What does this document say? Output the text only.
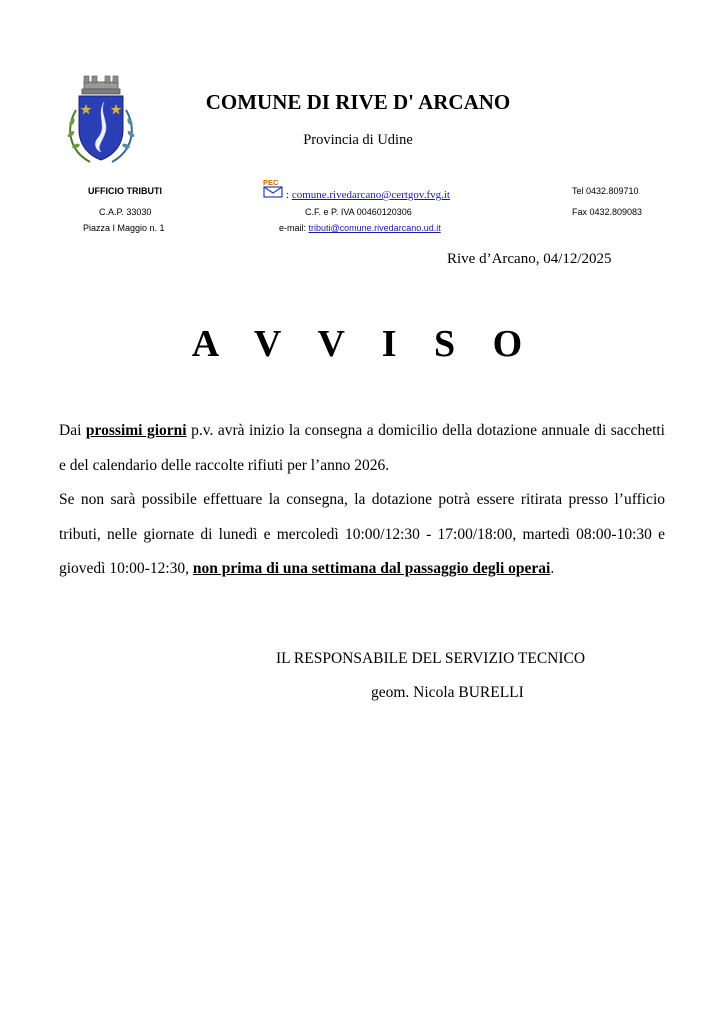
COMUNE DI RIVE D' ARCANO
Provincia di Udine
UFFICIO TRIBUTI
C.A.P. 33030
Piazza I Maggio n. 1
PEC
: comune.rivedarcano@certgov.fvg.it
C.F. e P. IVA 00460120306
e-mail: tributi@comune.rivedarcano.ud.it
Tel 0432.809710
Fax 0432.809083
Rive d’Arcano, 04/12/2025
A V V I S O

Dai prossimi giorni p.v. avrà inizio la consegna a domicilio della dotazione annuale di sacchetti e del calendario delle raccolte rifiuti per l’anno 2026.

Se non sarà possibile effettuare la consegna, la dotazione potrà essere ritirata presso l’ufficio tributi, nelle giornate di lunedì e mercoledì 10:00/12:30 - 17:00/18:00, martedì 08:00-10:30 e giovedì 10:00-12:30, non prima di una settimana dal passaggio degli operai.

IL RESPONSABILE DEL SERVIZIO TECNICO
geom. Nicola BURELLI
